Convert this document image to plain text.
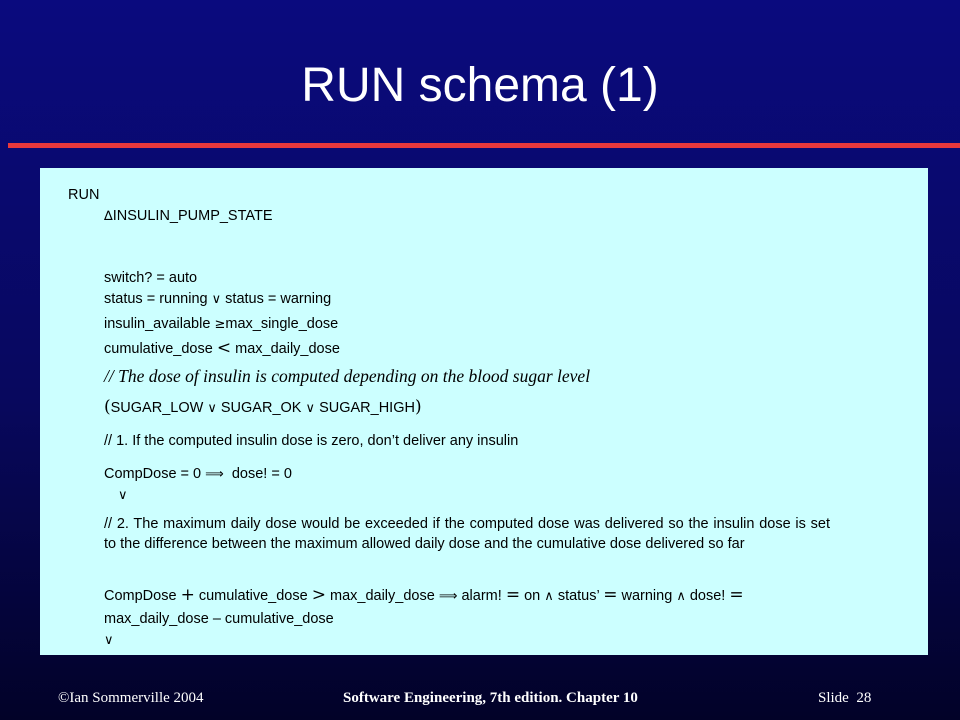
RUN schema (1)
RUN
∆INSULIN_PUMP_STATE
switch? = auto
status = running ∨ status = warning
insulin_available ≥max_single_dose
cumulative_dose < max_daily_dose
// The dose of insulin is computed depending on the blood sugar level
(SUGAR_LOW ∨ SUGAR_OK ∨ SUGAR_HIGH)
// 1. If the computed insulin dose is zero, don’t deliver any insulin
CompDose = 0 ⟹ dose! = 0
∨
// 2. The maximum daily dose would be exceeded if the computed dose was delivered so the insulin dose is set to the difference between the maximum allowed daily dose and the cumulative dose delivered so far
CompDose + cumulative_dose > max_daily_dose ⟹ alarm! = on ∧ status’ = warning ∧ dose! =
max_daily_dose – cumulative_dose
∨
©Ian Sommerville 2004	Software Engineering, 7th edition. Chapter 10	Slide 28
